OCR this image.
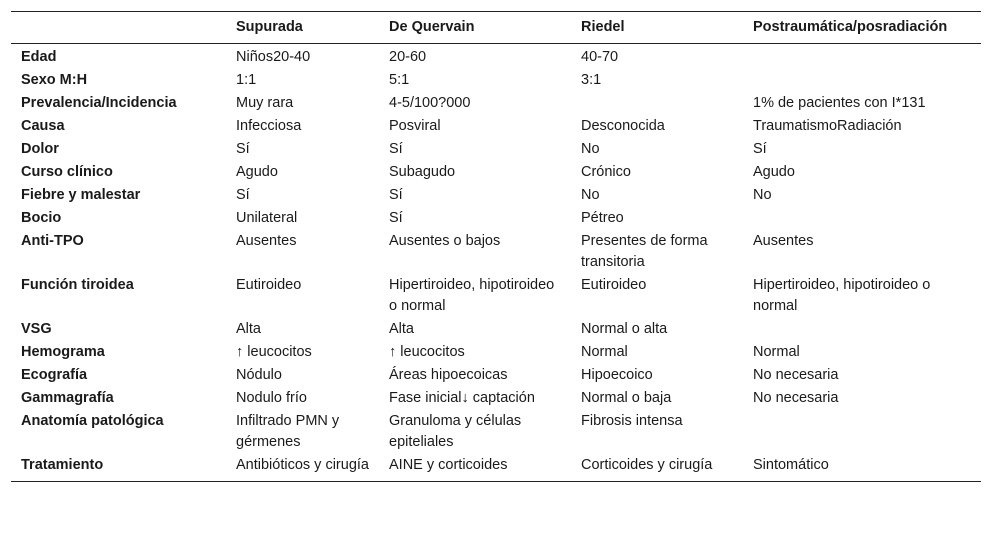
	Supurada	De Quervain	Riedel	Postraumática/posradiación
Edad	Niños20-40	20-60	40-70	
Sexo M:H	1:1	5:1	3:1	
Prevalencia/Incidencia	Muy rara	4-5/100?000		1% de pacientes con I*131
Causa	Infecciosa	Posviral	Desconocida	TraumatismoRadiación
Dolor	Sí	Sí	No	Sí
Curso clínico	Agudo	Subagudo	Crónico	Agudo
Fiebre y malestar	Sí	Sí	No	No
Bocio	Unilateral	Sí	Pétreo	
Anti-TPO	Ausentes	Ausentes o bajos	Presentes de forma transitoria	Ausentes
Función tiroidea	Eutiroideo	Hipertiroideo, hipotiroideo o normal	Eutiroideo	Hipertiroideo, hipotiroideo o normal
VSG	Alta	Alta	Normal o alta	
Hemograma	↑ leucocitos	↑ leucocitos	Normal	Normal
Ecografía	Nódulo	Áreas hipoecoicas	Hipoecoico	No necesaria
Gammagrafía	Nodulo frío	Fase inicial↓ captación	Normal o baja	No necesaria
Anatomía patológica	Infiltrado PMN y gérmenes	Granuloma y células epiteliales	Fibrosis intensa	
Tratamiento	Antibióticos y cirugía	AINE y corticoides	Corticoides y cirugía	Sintomático
